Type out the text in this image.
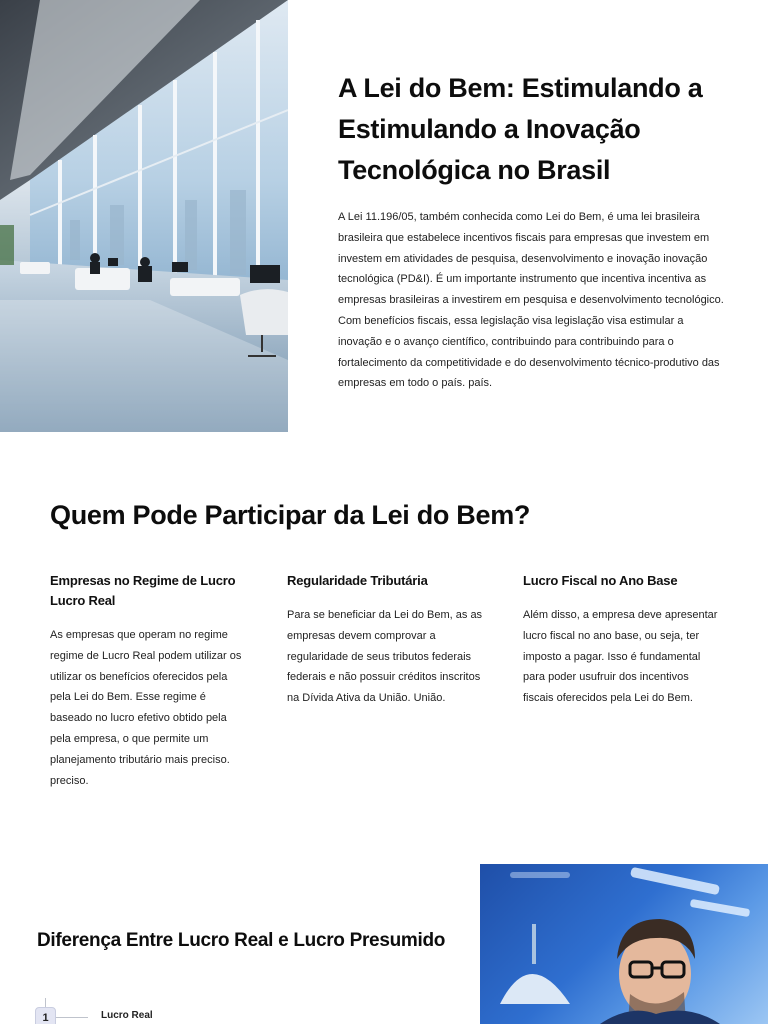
A Lei do Bem: Estimulando a Estimulando a Inovação Tecnológica no Brasil

A Lei 11.196/05, também conhecida como Lei do Bem, é uma lei brasileira brasileira que estabelece incentivos fiscais para empresas que investem em investem em atividades de pesquisa, desenvolvimento e inovação inovação tecnológica (PD&I). É um importante instrumento que incentiva incentiva as empresas brasileiras a investirem em pesquisa e desenvolvimento tecnológico. Com benefícios fiscais, essa legislação visa legislação visa estimular a inovação e o avanço científico, contribuindo para contribuindo para o fortalecimento da competitividade e do desenvolvimento técnico-produtivo das empresas em todo o país. país.

Quem Pode Participar da Lei do Bem?
Empresas no Regime de Lucro Lucro Real

As empresas que operam no regime regime de Lucro Real podem utilizar os utilizar os benefícios oferecidos pela pela Lei do Bem. Esse regime é baseado no lucro efetivo obtido pela pela empresa, o que permite um planejamento tributário mais preciso. preciso.

Regularidade Tributária

Para se beneficiar da Lei do Bem, as as empresas devem comprovar a regularidade de seus tributos federais federais e não possuir créditos inscritos na Dívida Ativa da União. União.

Lucro Fiscal no Ano Base

Além disso, a empresa deve apresentar lucro fiscal no ano base, ou seja, ter imposto a pagar. Isso é fundamental para poder usufruir dos incentivos fiscais oferecidos pela Lei do Bem.

Diferença Entre Lucro Real e Lucro Presumido
1	Lucro Real
